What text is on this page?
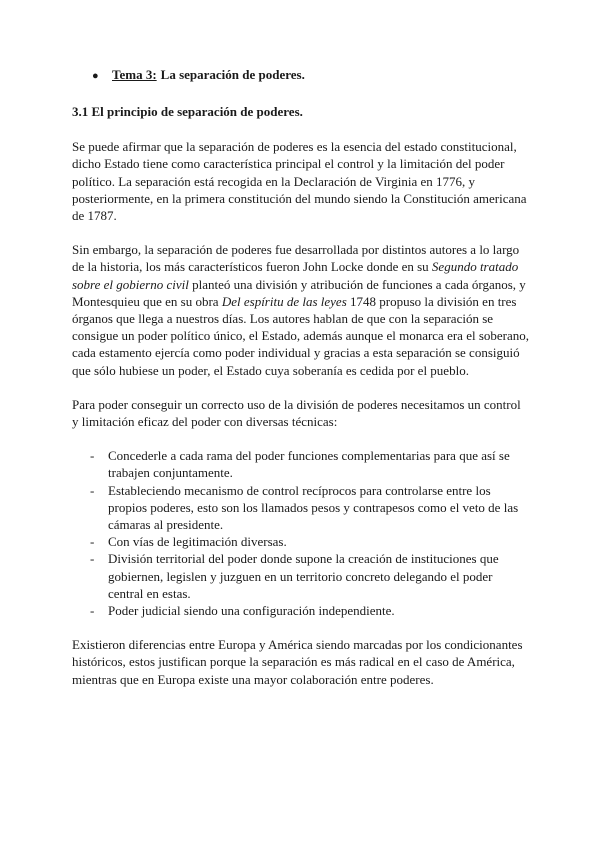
●	Tema 3: La separación de poderes.
3.1 El principio de separación de poderes.

Se puede afirmar que la separación de poderes es la esencia del estado constitucional, dicho Estado tiene como característica principal el control y la limitación del poder político. La separación está recogida en la Declaración de Virginia en 1776, y posteriormente, en la primera constitución del mundo siendo la Constitución americana de 1787.

Sin embargo, la separación de poderes fue desarrollada por distintos autores a lo largo de la historia, los más característicos fueron John Locke donde en su Segundo tratado sobre el gobierno civil planteó una división y atribución de funciones a cada órganos, y Montesquieu que en su obra Del espíritu de las leyes 1748 propuso la división en tres órganos que llega a nuestros días. Los autores hablan de que con la separación se consigue un poder político único, el Estado, además aunque el monarca era el soberano, cada estamento ejercía como poder individual y gracias a esta separación se consiguió que sólo hubiese un poder, el Estado cuya soberanía es cedida por el pueblo.

Para poder conseguir un correcto uso de la división de poderes necesitamos un control y limitación eficaz del poder con diversas técnicas:

-	Concederle a cada rama del poder funciones complementarias para que así se trabajen conjuntamente.
-	Estableciendo mecanismo de control recíprocos para controlarse entre los propios poderes, esto son los llamados pesos y contrapesos como el veto de las cámaras al presidente.
-	Con vías de legitimación diversas.
-	División territorial del poder donde supone la creación de instituciones que gobiernen, legislen y juzguen en un territorio concreto delegando el poder central en estas.
-	Poder judicial siendo una configuración independiente.

Existieron diferencias entre Europa y América siendo marcadas por los condicionantes históricos, estos justifican porque la separación es más radical en el caso de América, mientras que en Europa existe una mayor colaboración entre poderes.
